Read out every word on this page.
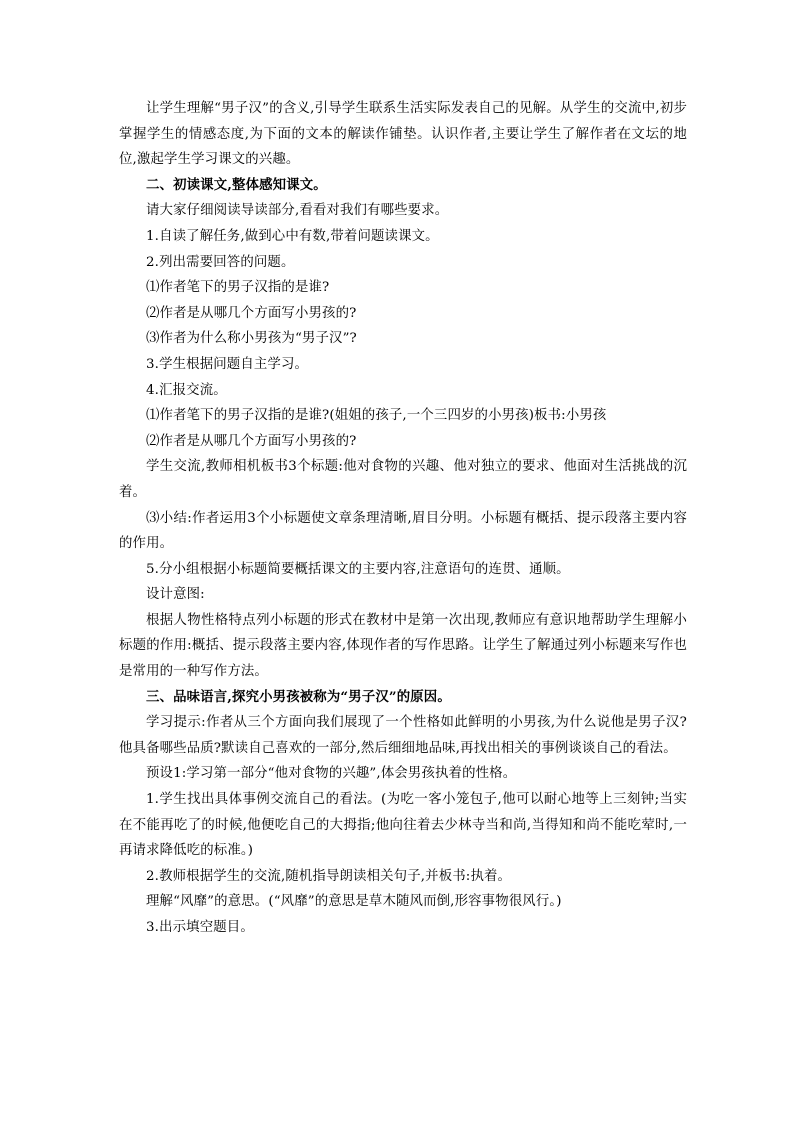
让学生理解“男子汉”的含义,引导学生联系生活实际发表自己的见解。从学生的交流中,初步掌握学生的情感态度,为下面的文本的解读作铺垫。认识作者,主要让学生了解作者在文坛的地位,激起学生学习课文的兴趣。

二、初读课文,整体感知课文。

请大家仔细阅读导读部分,看看对我们有哪些要求。

1.自读了解任务,做到心中有数,带着问题读课文。

2.列出需要回答的问题。

⑴作者笔下的男子汉指的是谁?

⑵作者是从哪几个方面写小男孩的?

⑶作者为什么称小男孩为“男子汉”?

3.学生根据问题自主学习。

4.汇报交流。

⑴作者笔下的男子汉指的是谁?(姐姐的孩子,一个三四岁的小男孩)板书:小男孩

⑵作者是从哪几个方面写小男孩的?

学生交流,教师相机板书3个标题:他对食物的兴趣、他对独立的要求、他面对生活挑战的沉着。

⑶小结:作者运用3个小标题使文章条理清晰,眉目分明。小标题有概括、提示段落主要内容的作用。

5.分小组根据小标题简要概括课文的主要内容,注意语句的连贯、通顺。

设计意图:

根据人物性格特点列小标题的形式在教材中是第一次出现,教师应有意识地帮助学生理解小标题的作用:概括、提示段落主要内容,体现作者的写作思路。让学生了解通过列小标题来写作也是常用的一种写作方法。

三、品味语言,探究小男孩被称为“男子汉”的原因。

学习提示:作者从三个方面向我们展现了一个性格如此鲜明的小男孩,为什么说他是男子汉?他具备哪些品质?默读自己喜欢的一部分,然后细细地品味,再找出相关的事例谈谈自己的看法。

预设1:学习第一部分“他对食物的兴趣”,体会男孩执着的性格。

1.学生找出具体事例交流自己的看法。(为吃一客小笼包子,他可以耐心地等上三刻钟;当实在不能再吃了的时候,他便吃自己的大拇指;他向往着去少林寺当和尚,当得知和尚不能吃荤时,一再请求降低吃的标准。)

2.教师根据学生的交流,随机指导朗读相关句子,并板书:执着。

理解“风靡”的意思。(“风靡”的意思是草木随风而倒,形容事物很风行。)

3.出示填空题目。
